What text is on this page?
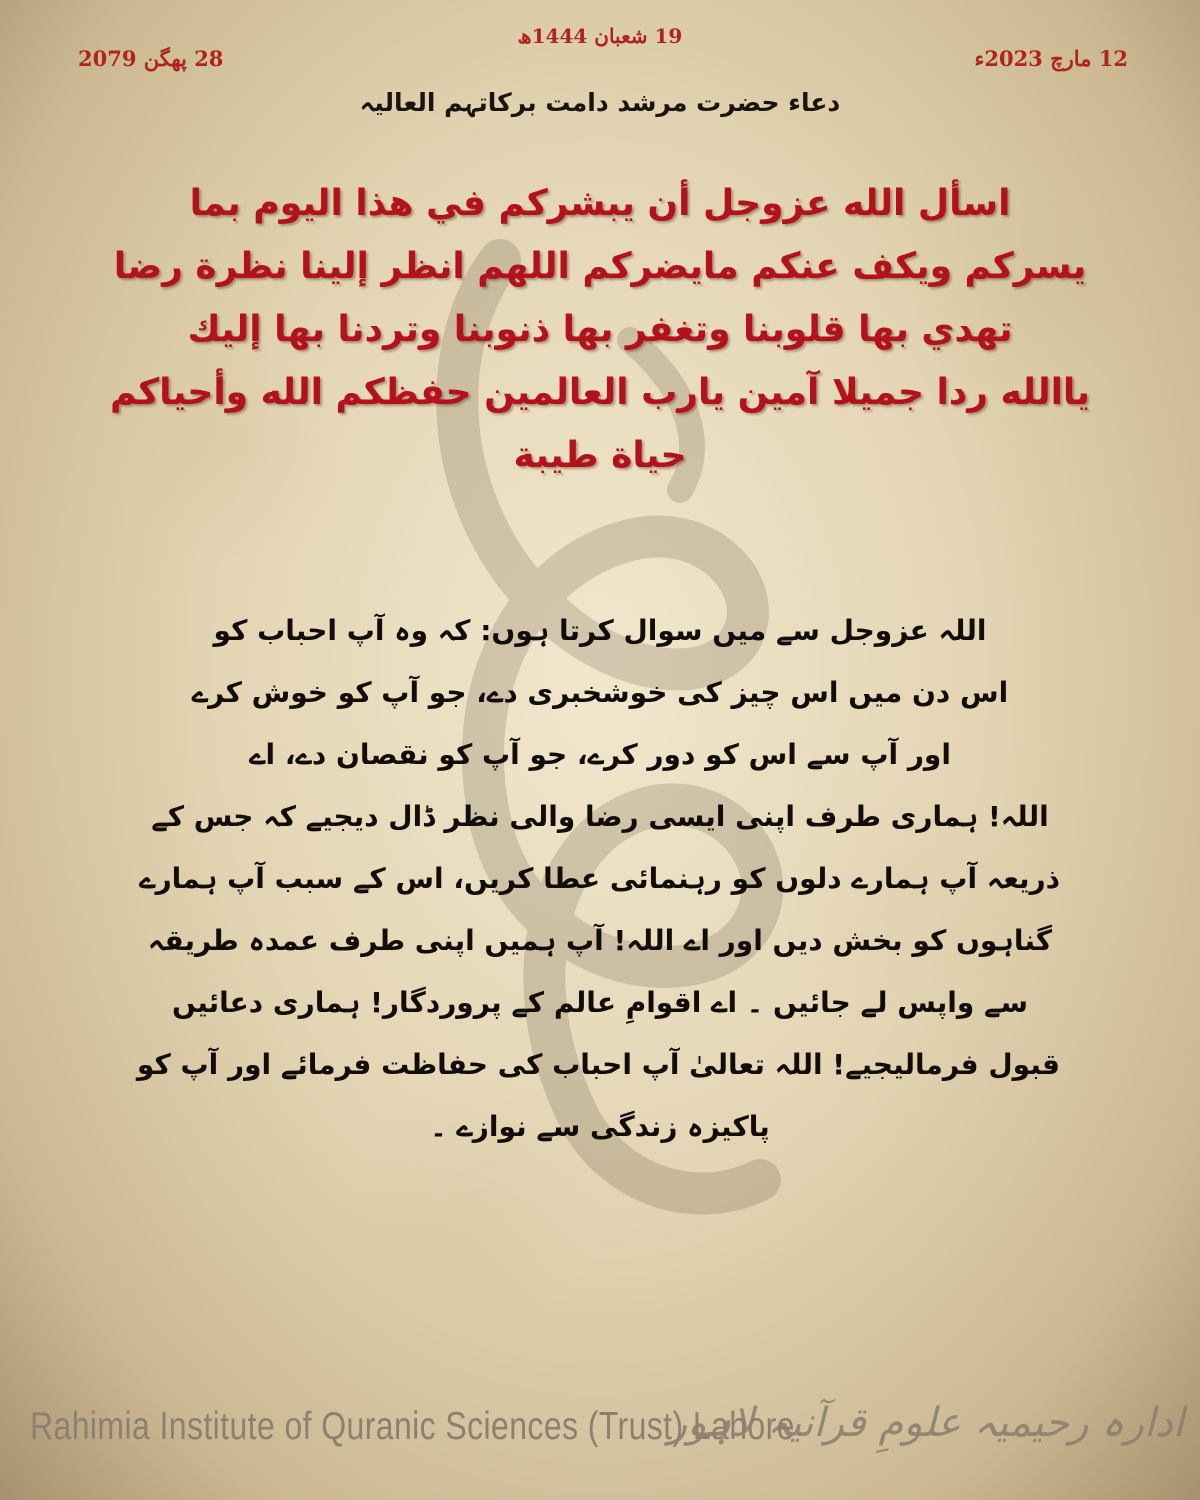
19 شعبان 1444ھ
12 مارچ 2023ء
28 پھگن 2079
دعاء حضرت مرشد دامت برکاتہم العالیہ
اسأل الله عزوجل أن يبشركم في هذا اليوم بما
يسركم ويكف عنكم مايضركم اللهم انظر إلينا نظرة رضا
تهدي بها قلوبنا وتغفر بها ذنوبنا وتردنا بها إليك
ياالله ردا جميلا آمين يارب العالمين حفظكم الله وأحياكم
حياة طيبة
اللہ عزوجل سے میں سوال کرتا ہوں: کہ وہ آپ احباب کو
اس دن میں اس چیز کی خوشخبری دے، جو آپ کو خوش کرے
اور آپ سے اس کو دور کرے، جو آپ کو نقصان دے، اے
اللہ! ہماری طرف اپنی ایسی رضا والی نظر ڈال دیجیے کہ جس کے
ذریعہ آپ ہمارے دلوں کو رہنمائی عطا کریں، اس کے سبب آپ ہمارے
گناہوں کو بخش دیں اور اے اللہ! آپ ہمیں اپنی طرف عمدہ طریقہ
سے واپس لے جائیں ۔ اے اقوامِ عالم کے پروردگار! ہماری دعائیں
قبول فرمالیجیے! اللہ تعالیٰ آپ احباب کی حفاظت فرمائے اور آپ کو
پاکیزہ زندگی سے نوازے ۔
Rahimia Institute of Quranic Sciences (Trust) Lahore
ادارہ رحیمیہ علومِ قرآنیہ لاہور
